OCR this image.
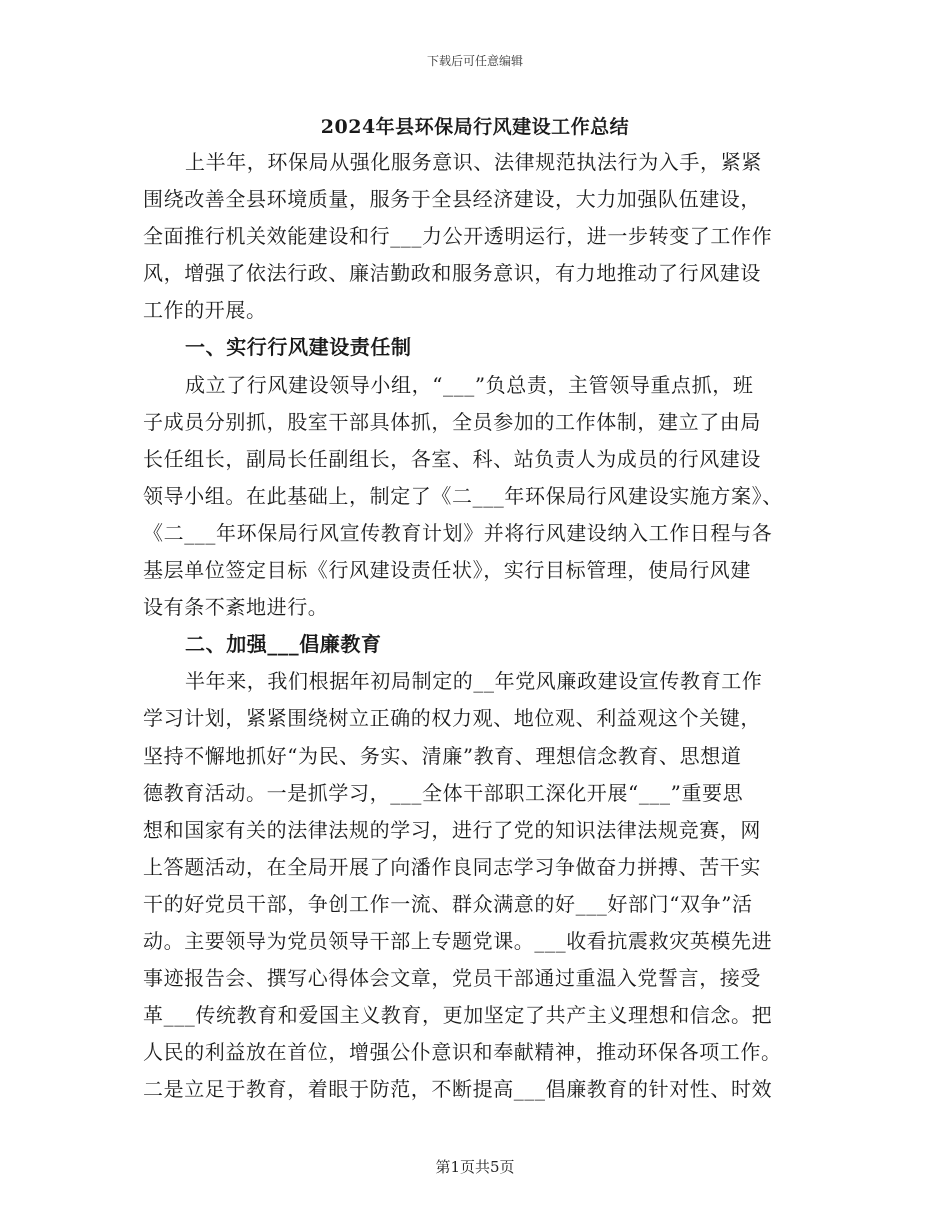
下载后可任意编辑
2024年县环保局行风建设工作总结
上半年，环保局从强化服务意识、法律规范执法行为入手，紧紧
围绕改善全县环境质量，服务于全县经济建设，大力加强队伍建设，
全面推行机关效能建设和行___力公开透明运行，进一步转变了工作作
风，增强了依法行政、廉洁勤政和服务意识，有力地推动了行风建设
工作的开展。
一、实行行风建设责任制
成立了行风建设领导小组，“___”负总责，主管领导重点抓，班
子成员分别抓，股室干部具体抓，全员参加的工作体制，建立了由局
长任组长，副局长任副组长，各室、科、站负责人为成员的行风建设
领导小组。在此基础上，制定了《二___年环保局行风建设实施方案》、
《二___年环保局行风宣传教育计划》并将行风建设纳入工作日程与各
基层单位签定目标《行风建设责任状》，实行目标管理，使局行风建
设有条不紊地进行。
二、加强___倡廉教育
半年来，我们根据年初局制定的__年党风廉政建设宣传教育工作
学习计划，紧紧围绕树立正确的权力观、地位观、利益观这个关键，
坚持不懈地抓好“为民、务实、清廉”教育、理想信念教育、思想道
德教育活动。一是抓学习，___全体干部职工深化开展“___”重要思
想和国家有关的法律法规的学习，进行了党的知识法律法规竞赛，网
上答题活动，在全局开展了向潘作良同志学习争做奋力拼搏、苦干实
干的好党员干部，争创工作一流、群众满意的好___好部门“双争”活
动。主要领导为党员领导干部上专题党课。___收看抗震救灾英模先进
事迹报告会、撰写心得体会文章，党员干部通过重温入党誓言，接受
革___传统教育和爱国主义教育，更加坚定了共产主义理想和信念。把
人民的利益放在首位，增强公仆意识和奉献精神，推动环保各项工作。
二是立足于教育，着眼于防范，不断提高___倡廉教育的针对性、时效
第1页共5页
